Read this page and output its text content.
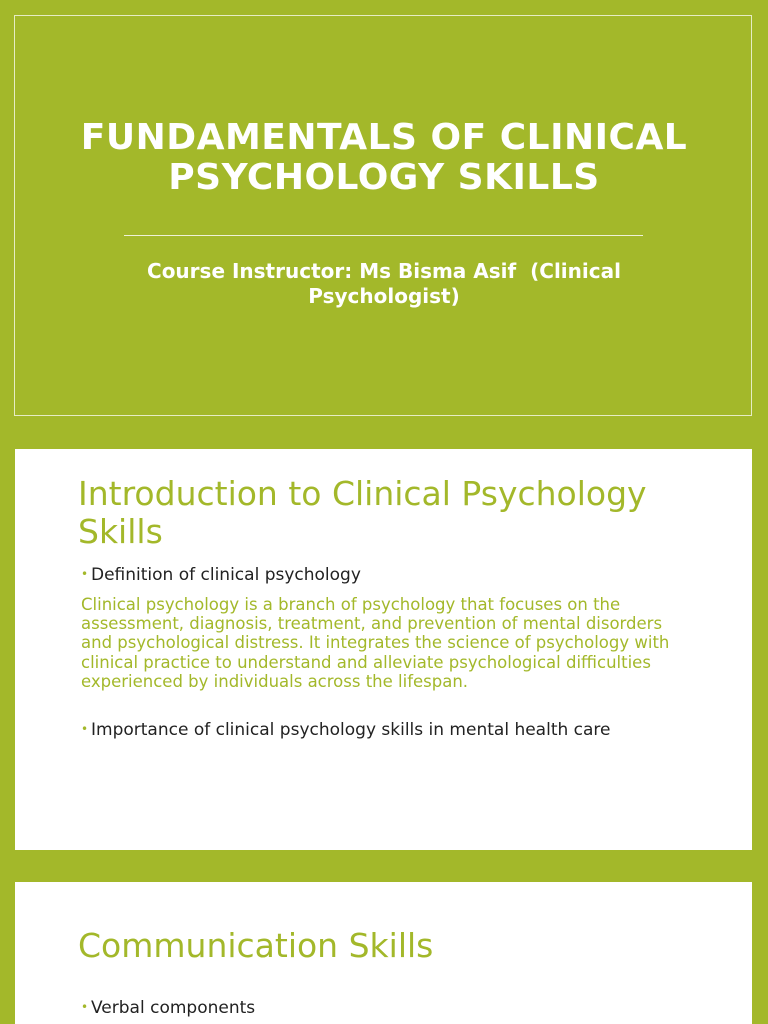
FUNDAMENTALS OF CLINICAL PSYCHOLOGY SKILLS
Course Instructor: Ms Bisma Asif  (Clinical Psychologist)
Introduction to Clinical Psychology Skills
• Definition of clinical psychology
Clinical psychology is a branch of psychology that focuses on the assessment, diagnosis, treatment, and prevention of mental disorders and psychological distress. It integrates the science of psychology with clinical practice to understand and alleviate psychological difficulties experienced by individuals across the lifespan.
• Importance of clinical psychology skills in mental health care
Communication Skills
• Verbal components
